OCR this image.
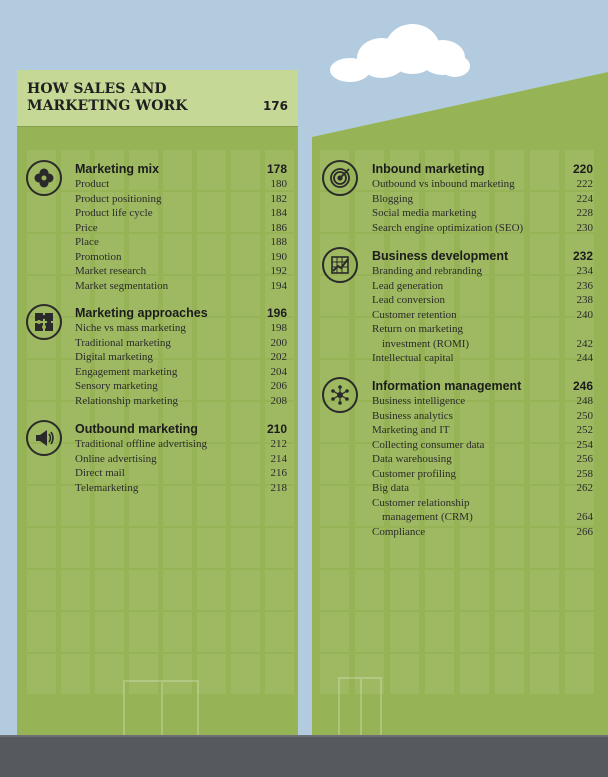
HOW SALES AND
MARKETING WORK	176
Marketing mix	178
Product	180
Product positioning	182
Product life cycle	184
Price	186
Place	188
Promotion	190
Market research	192
Market segmentation	194
Marketing approaches	196
Niche vs mass marketing	198
Traditional marketing	200
Digital marketing	202
Engagement marketing	204
Sensory marketing	206
Relationship marketing	208
Outbound marketing	210
Traditional offline advertising	212
Online advertising	214
Direct mail	216
Telemarketing	218
Inbound marketing	220
Outbound vs inbound marketing	222
Blogging	224
Social media marketing	228
Search engine optimization (SEO)	230
Business development	232
Branding and rebranding	234
Lead generation	236
Lead conversion	238
Customer retention	240
Return on marketing
investment (ROMI)	242
Intellectual capital	244
Information management	246
Business intelligence	248
Business analytics	250
Marketing and IT	252
Collecting consumer data	254
Data warehousing	256
Customer profiling	258
Big data	262
Customer relationship
management (CRM)	264
Compliance	266
